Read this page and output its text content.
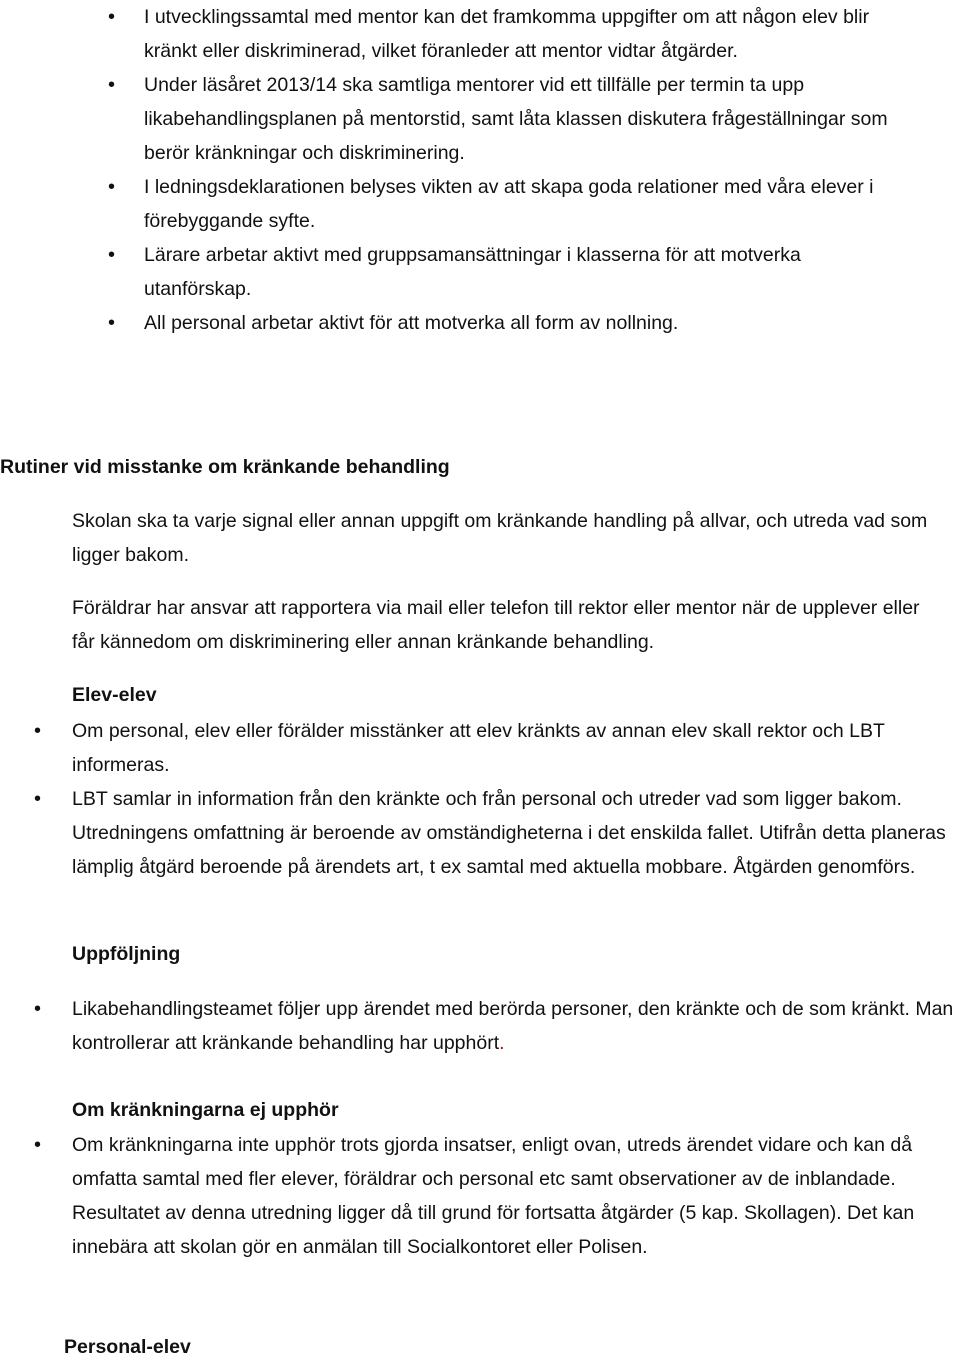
• I utvecklingssamtal med mentor kan det framkomma uppgifter om att någon elev blir kränkt eller diskriminerad, vilket föranleder att mentor vidtar åtgärder.
• Under läsåret 2013/14 ska samtliga mentorer vid ett tillfälle per termin ta upp likabehandlingsplanen på mentorstid, samt låta klassen diskutera frågeställningar som berör kränkningar och diskriminering.
• I ledningsdeklarationen belyses vikten av att skapa goda relationer med våra elever i förebyggande syfte.
• Lärare arbetar aktivt med gruppsamansättningar i klasserna för att motverka utanförskap.
• All personal arbetar aktivt för att motverka all form av nollning.
Rutiner vid misstanke om kränkande behandling
Skolan ska ta varje signal eller annan uppgift om kränkande handling på allvar, och utreda vad som ligger bakom.
Föräldrar har ansvar att rapportera via mail eller telefon till rektor eller mentor när de upplever eller får kännedom om diskriminering eller annan kränkande behandling.
Elev-elev
• Om personal, elev eller förälder misstänker att elev kränkts av annan elev skall rektor och LBT informeras.
• LBT samlar in information från den kränkte och från personal och utreder vad som ligger bakom. Utredningens omfattning är beroende av omständigheterna i det enskilda fallet. Utifrån detta planeras lämplig åtgärd beroende på ärendets art, t ex samtal med aktuella mobbare. Åtgärden genomförs.
Uppföljning
• Likabehandlingsteamet följer upp ärendet med berörda personer, den kränkte och de som kränkt. Man kontrollerar att kränkande behandling har upphört.
Om kränkningarna ej upphör
• Om kränkningarna inte upphör trots gjorda insatser, enligt ovan, utreds ärendet vidare och kan då omfatta samtal med fler elever, föräldrar och personal etc samt observationer av de inblandade. Resultatet av denna utredning ligger då till grund för fortsatta åtgärder (5 kap. Skollagen). Det kan innebära att skolan gör en anmälan till Socialkontoret eller Polisen.
Personal-elev
